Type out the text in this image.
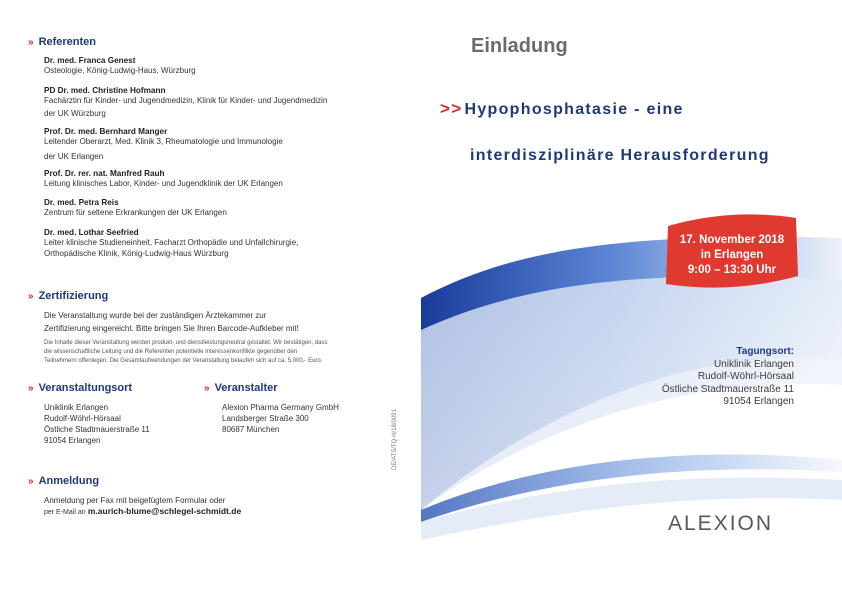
» Referenten
Dr. med. Franca Genest
Osteologie, König-Ludwig-Haus, Würzburg
PD Dr. med. Christine Hofmann
Fachärztin für Kinder- und Jugendmedizin, Klinik für Kinder- und Jugendmedizin
der UK Würzburg
Prof. Dr. med. Bernhard Manger
Leitender Oberarzt, Med. Klinik 3, Rheumatologie und Immunologie
der UK Erlangen
Prof. Dr. rer. nat. Manfred Rauh
Leitung klinisches Labor, Kinder- und Jugendklinik der UK Erlangen
Dr. med. Petra Reis
Zentrum für seltene Erkrankungen der UK Erlangen
Dr. med. Lothar Seefried
Leiter klinische Studieneinheit, Facharzt Orthopädie und Unfallchirurgie,
Orthopädische Klinik, König-Ludwig-Haus Würzburg
» Zertifizierung
Die Veranstaltung wurde bei der zuständigen Ärztekammer zur
Zertifizierung eingereicht. Bitte bringen Sie Ihren Barcode-Aufkleber mit!
Die Inhalte dieser Veranstaltung werden produkt- und dienstleistungsneutral gestaltet. Wir bestätigen, dass
die wissenschaftliche Leitung und die Referenten potentielle Interessenkonflikte gegenüber den
Teilnehmern offenlegen. Die Gesamtaufwendungen der Veranstaltung belaufen sich auf ca. 5.000,- Euro.
» Veranstaltungsort
Uniklinik Erlangen
Rudolf-Wöhrl-Hörsaal
Östliche Stadtmauerstraße 11
91054 Erlangen
» Veranstalter
Alexion Pharma Germany GmbH
Landsberger Straße 300
80687 München	DE/ATS/TQ-H/18/0091
» Anmeldung
Anmeldung per Fax mit beigefügtem Formular oder
per E-Mail an m.aurich-blume@schlegel-schmidt.de
Einladung
>> Hypophosphatasie - eine
interdisziplinäre Herausforderung
17. November 2018
in Erlangen
9:00 – 13:30 Uhr
Tagungsort:
Uniklinik Erlangen
Rudolf-Wöhrl-Hörsaal
Östliche Stadtmauerstraße 11
91054 Erlangen
ALEXION
